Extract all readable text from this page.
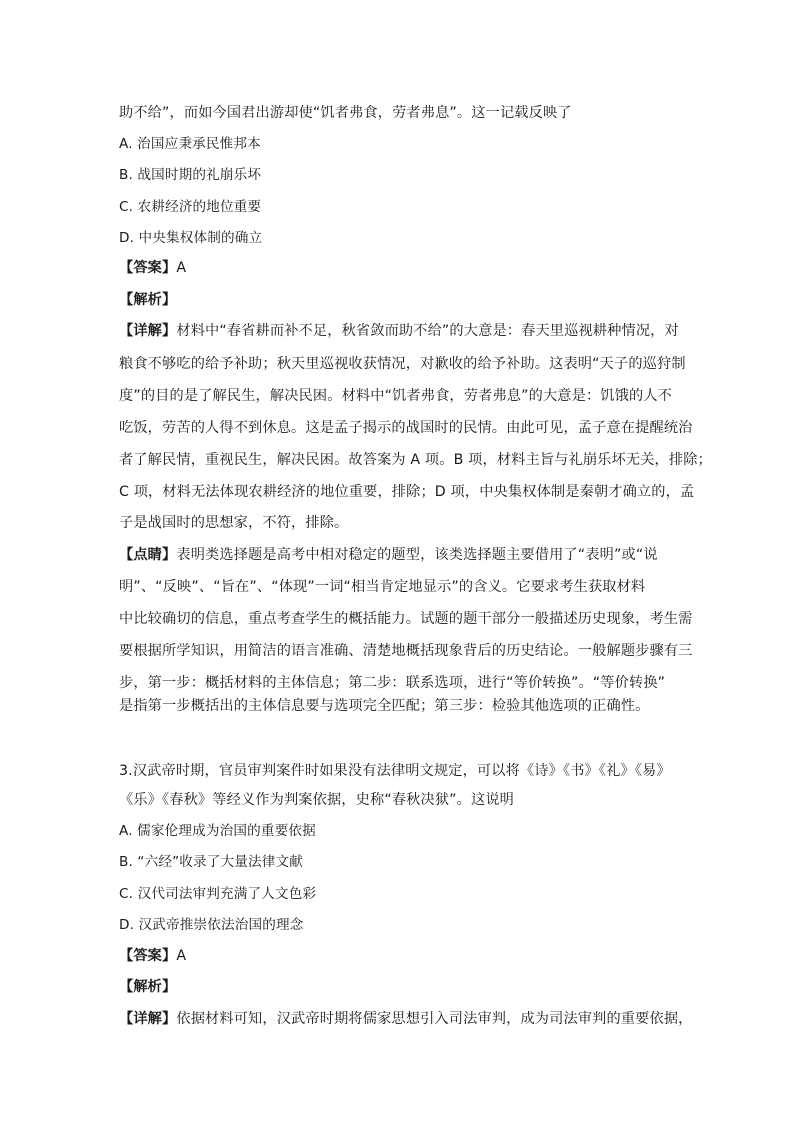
助不给”，而如今国君出游却使“饥者弗食，劳者弗息”。这一记载反映了
A. 治国应秉承民惟邦本
B. 战国时期的礼崩乐坏
C. 农耕经济的地位重要
D. 中央集权体制的确立
【答案】A
【解析】
【详解】材料中“春省耕而补不足，秋省敛而助不给”的大意是：春天里巡视耕种情况，对
粮食不够吃的给予补助；秋天里巡视收获情况，对歉收的给予补助。这表明“天子的巡狩制
度”的目的是了解民生，解决民困。材料中“饥者弗食，劳者弗息”的大意是：饥饿的人不
吃饭，劳苦的人得不到休息。这是孟子揭示的战国时的民情。由此可见，孟子意在提醒统治
者了解民情，重视民生，解决民困。故答案为 A 项。B 项，材料主旨与礼崩乐坏无关，排除；
C 项，材料无法体现农耕经济的地位重要，排除；D 项，中央集权体制是秦朝才确立的，孟
子是战国时的思想家，不符，排除。
【点睛】表明类选择题是高考中相对稳定的题型，该类选择题主要借用了“表明”或“说
明”、“反映”、“旨在”、“体现”一词“相当肯定地显示”的含义。它要求考生获取材料
中比较确切的信息，重点考查学生的概括能力。试题的题干部分一般描述历史现象，考生需
要根据所学知识，用简洁的语言准确、清楚地概括现象背后的历史结论。一般解题步骤有三
步，第一步：概括材料的主体信息；第二步：联系选项，进行“等价转换”。“等价转换”
是指第一步概括出的主体信息要与选项完全匹配；第三步：检验其他选项的正确性。
3.汉武帝时期，官员审判案件时如果没有法律明文规定，可以将《诗》《书》《礼》《易》
《乐》《春秋》等经义作为判案依据，史称“春秋决狱”。这说明
A. 儒家伦理成为治国的重要依据
B. “六经”收录了大量法律文献
C. 汉代司法审判充满了人文色彩
D. 汉武帝推崇依法治国的理念
【答案】A
【解析】
【详解】依据材料可知，汉武帝时期将儒家思想引入司法审判，成为司法审判的重要依据，
